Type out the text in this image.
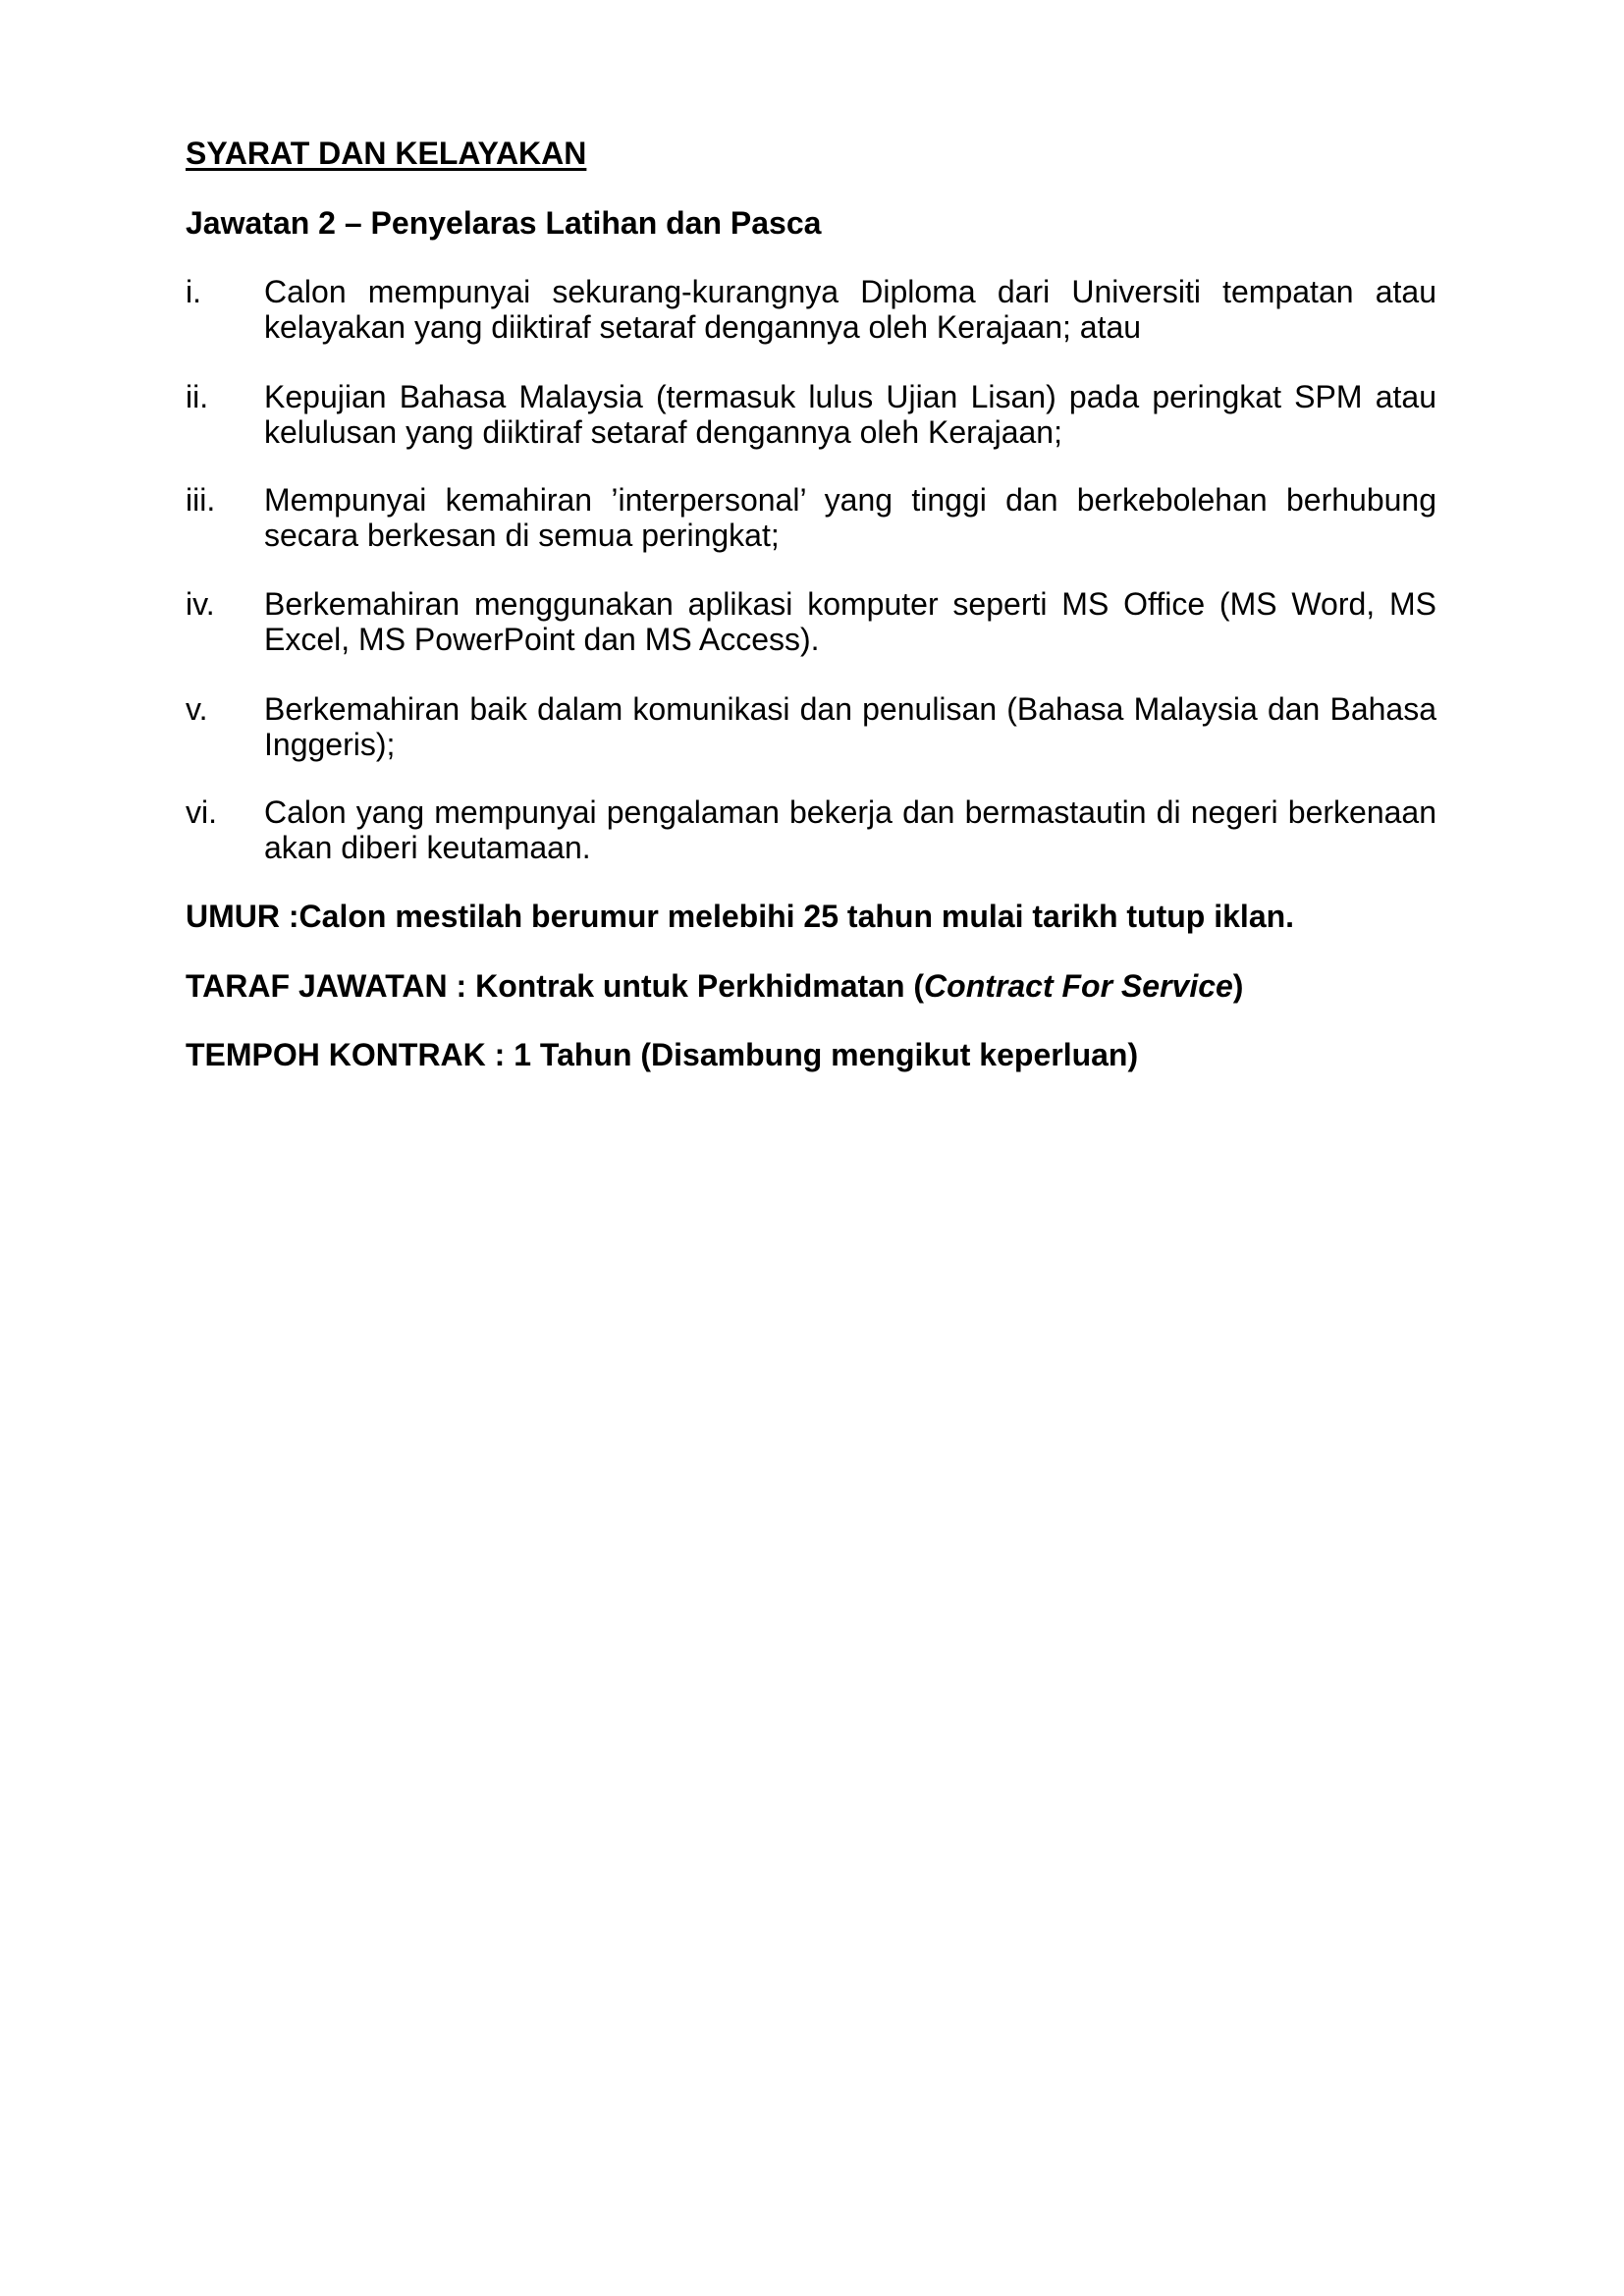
SYARAT DAN KELAYAKAN
Jawatan 2 – Penyelaras Latihan dan Pasca
i.	Calon mempunyai sekurang-kurangnya Diploma dari Universiti tempatan atau kelayakan yang diiktiraf setaraf dengannya oleh Kerajaan; atau
ii.	Kepujian Bahasa Malaysia (termasuk lulus Ujian Lisan) pada peringkat SPM atau kelulusan yang diiktiraf setaraf dengannya oleh Kerajaan;
iii.	Mempunyai kemahiran ’interpersonal’ yang tinggi dan berkebolehan berhubung secara berkesan di semua peringkat;
iv.	Berkemahiran menggunakan aplikasi komputer seperti MS Office (MS Word, MS Excel, MS PowerPoint dan MS Access).
v.	Berkemahiran baik dalam komunikasi dan penulisan (Bahasa Malaysia dan Bahasa Inggeris);
vi.	Calon yang mempunyai pengalaman bekerja dan bermastautin di negeri berkenaan akan diberi keutamaan.
UMUR :Calon mestilah berumur melebihi 25 tahun mulai tarikh tutup iklan.
TARAF JAWATAN : Kontrak untuk Perkhidmatan (Contract For Service)
TEMPOH KONTRAK : 1 Tahun (Disambung mengikut keperluan)
